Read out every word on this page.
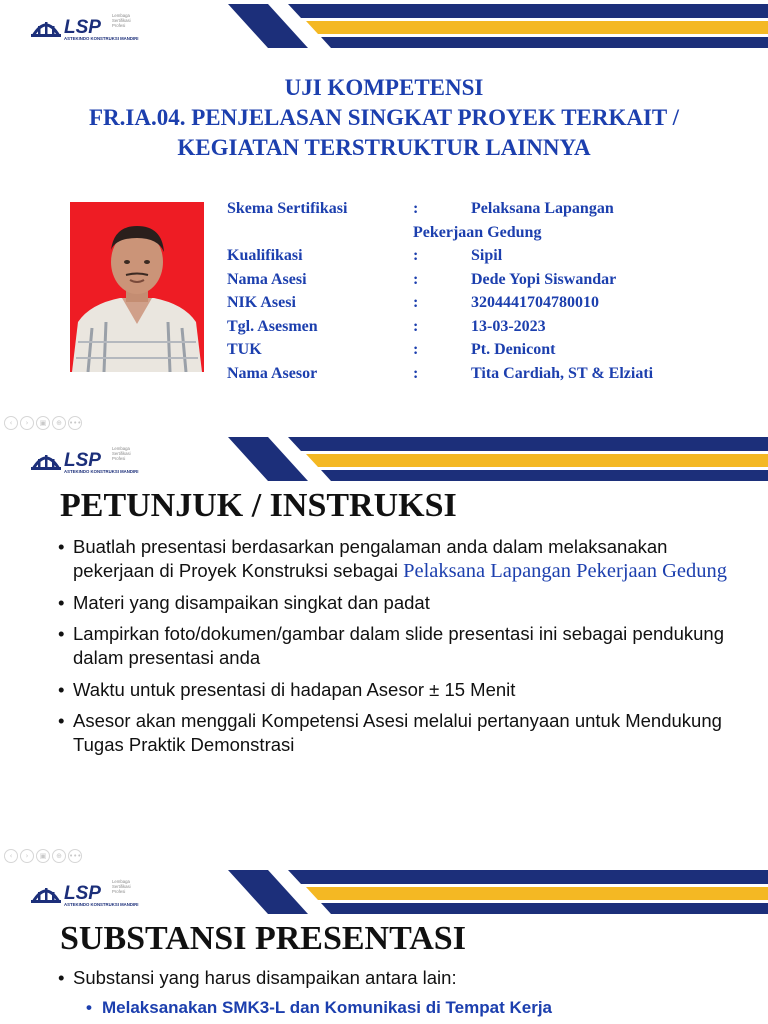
LSP
Lembaga
Sertifikasi
Profesi
ASTEKINDO KONSTRUKSI MANDIRI
UJI KOMPETENSI
FR.IA.04. PENJELASAN SINGKAT PROYEK TERKAIT /
KEGIATAN TERSTRUKTUR LAINNYA
Skema Sertifikasi	:	Pelaksana Lapangan
Pekerjaan Gedung
Kualifikasi	:	Sipil
Nama Asesi	:	Dede Yopi Siswandar
NIK Asesi	:	3204441704780010
Tgl. Asesmen	:	13-03-2023
TUK	:	Pt. Denicont
Nama Asesor	:	Tita Cardiah, ST & Elziati
‹	›	▣	⊕	•••
LSP
Lembaga
Sertifikasi
Profesi
ASTEKINDO KONSTRUKSI MANDIRI
PETUNJUK / INSTRUKSI
• Buatlah presentasi berdasarkan pengalaman anda dalam melaksanakan pekerjaan di Proyek Konstruksi sebagai Pelaksana Lapangan Pekerjaan Gedung
• Materi yang disampaikan singkat dan padat
• Lampirkan foto/dokumen/gambar dalam slide presentasi ini sebagai pendukung dalam presentasi anda
• Waktu untuk presentasi di hadapan Asesor ± 15 Menit
• Asesor akan menggali Kompetensi Asesi melalui pertanyaan untuk Mendukung Tugas Praktik Demonstrasi
‹	›	▣	⊕	•••
LSP
Lembaga
Sertifikasi
Profesi
ASTEKINDO KONSTRUKSI MANDIRI
SUBSTANSI PRESENTASI
• Substansi yang harus disampaikan antara lain:
• Melaksanakan SMK3-L dan Komunikasi di Tempat Kerja
